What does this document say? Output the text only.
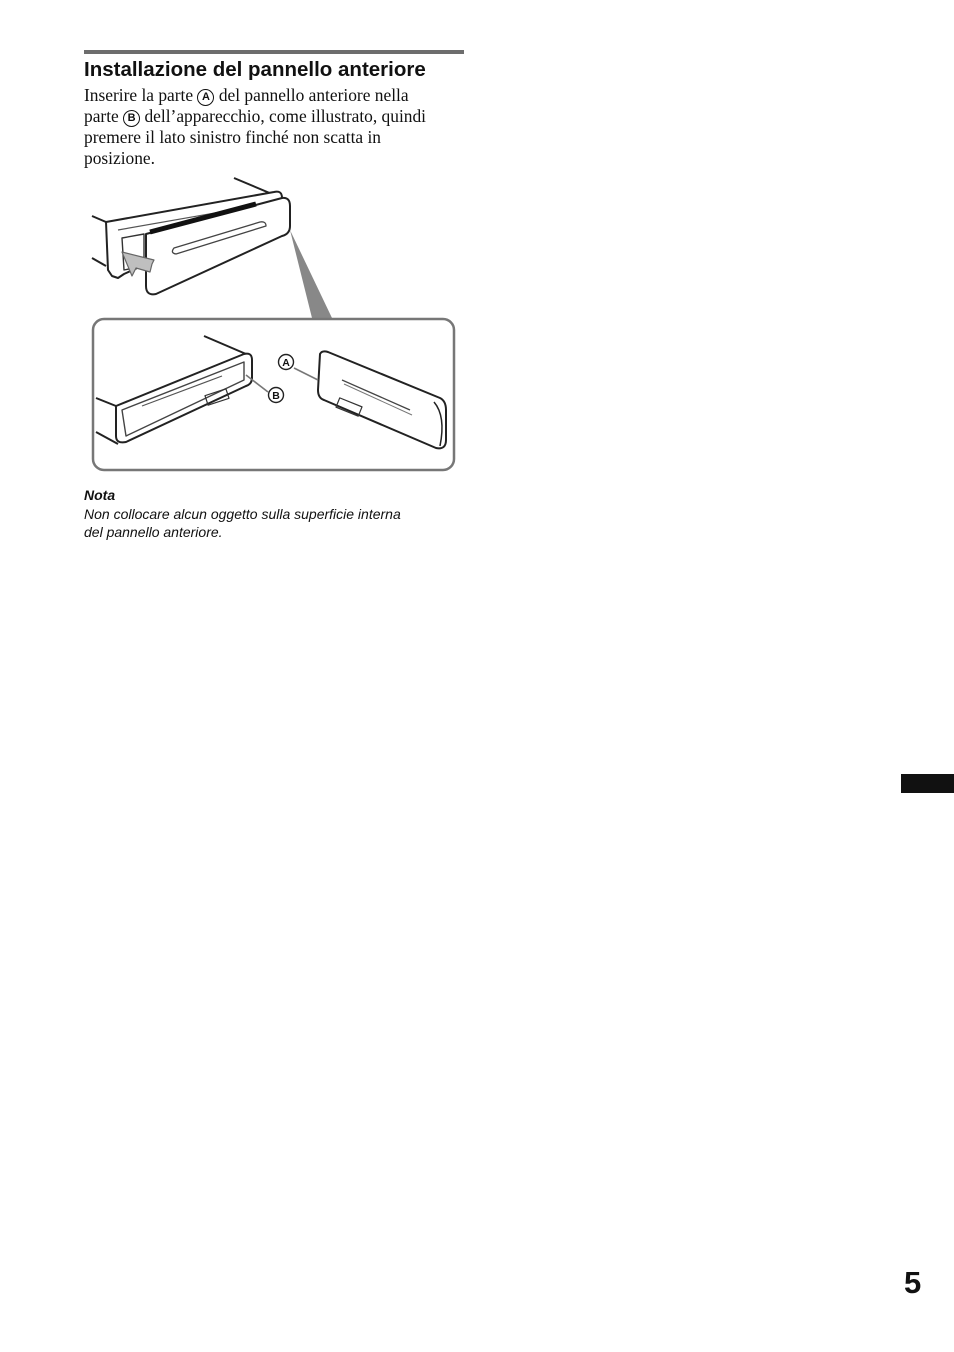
Installazione del pannello anteriore
Inserire la parte A del pannello anteriore nella
parte B dell’apparecchio, come illustrato, quindi
premere il lato sinistro finché non scatta in
posizione.
A
B

Nota

Non collocare alcun oggetto sulla superficie interna
del pannello anteriore.

5
